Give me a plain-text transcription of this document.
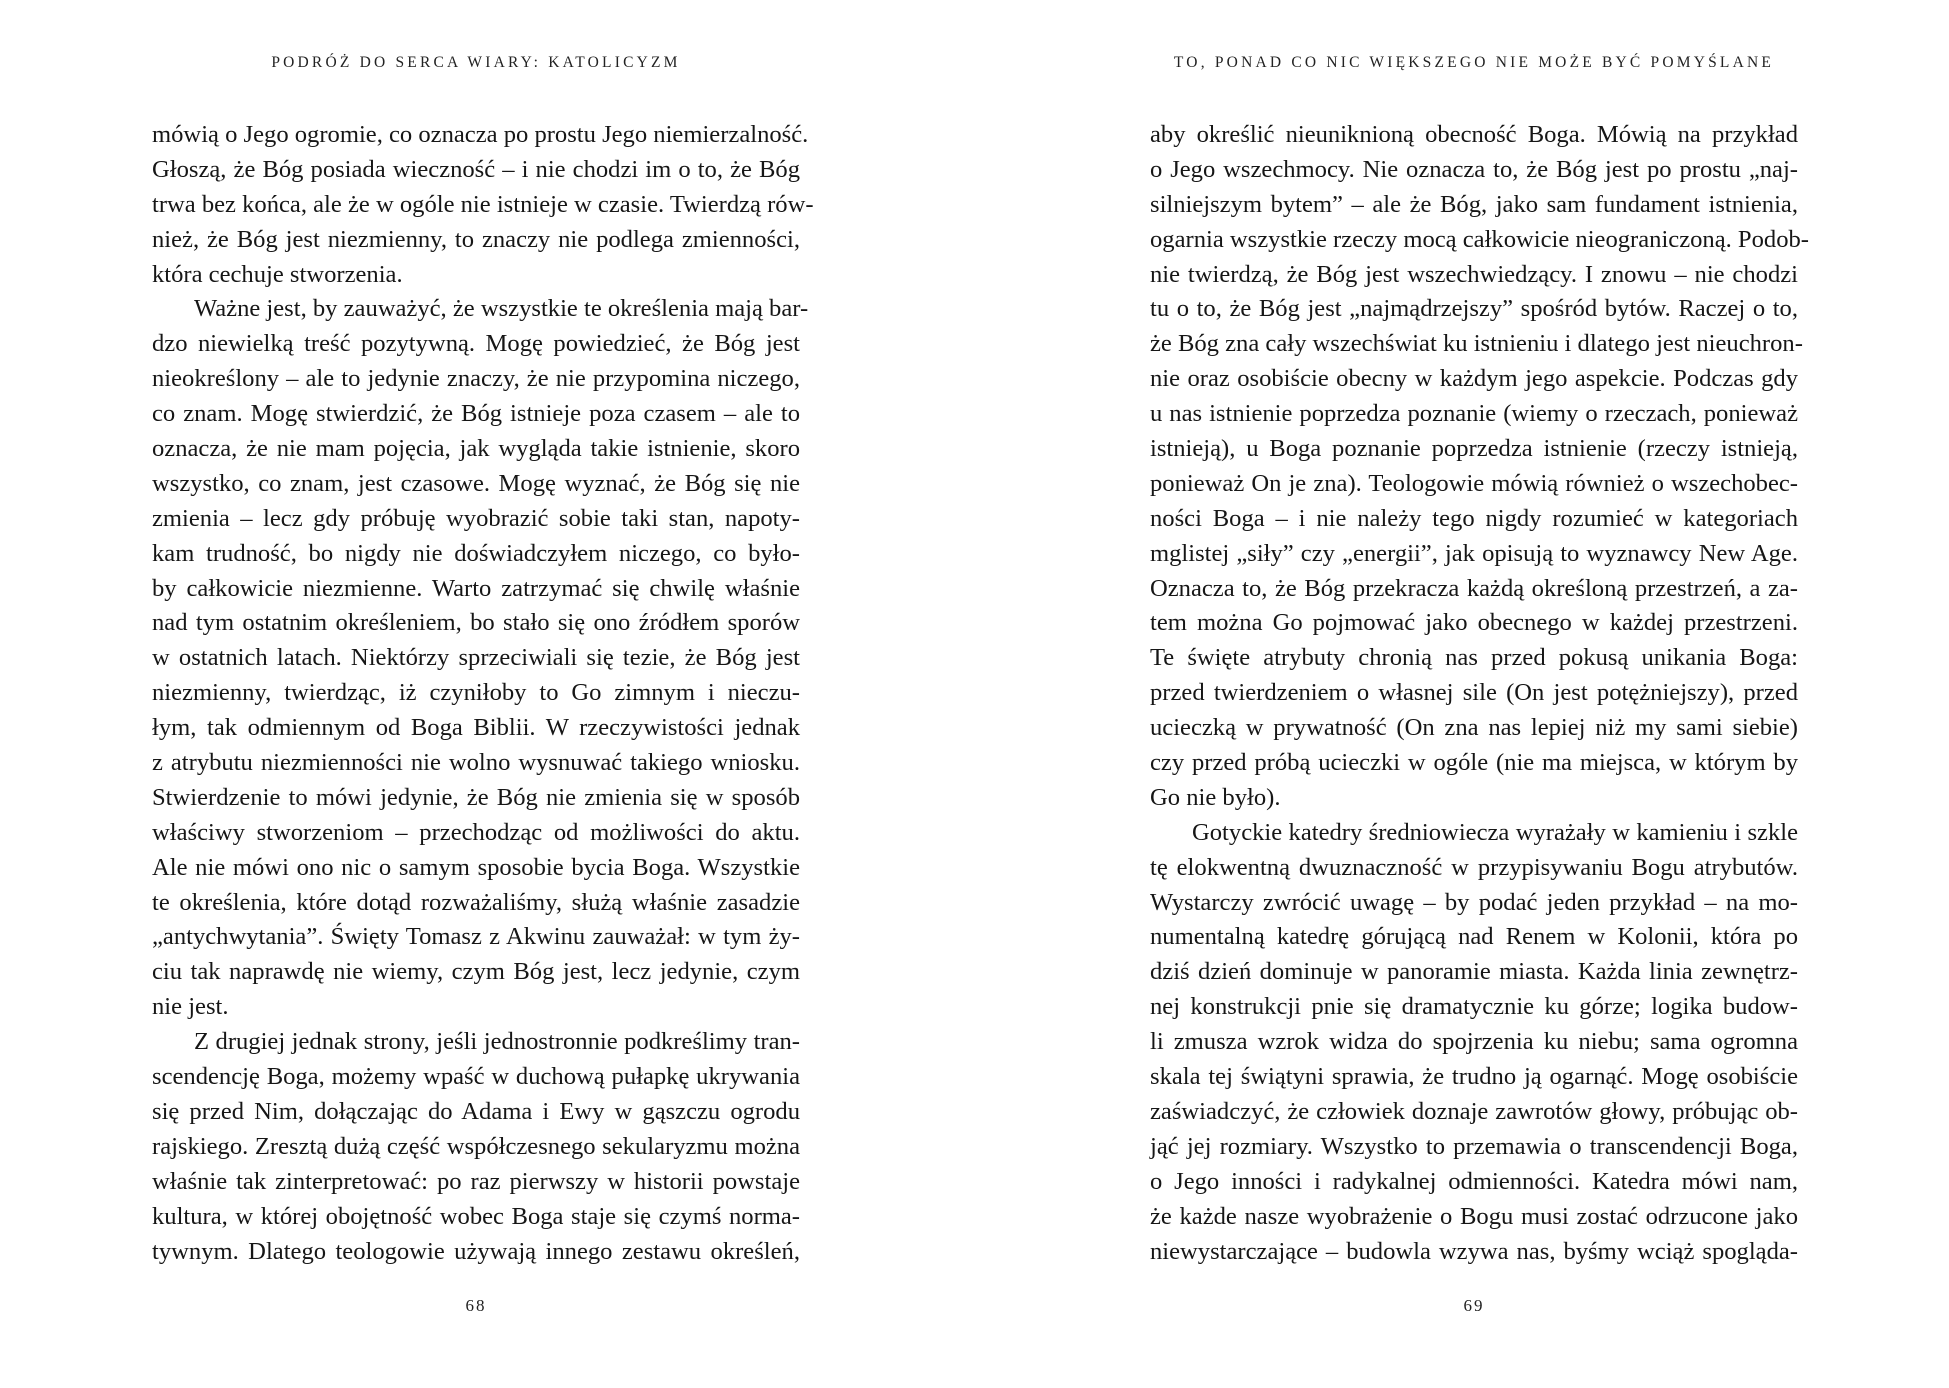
PODRÓŻ DO SERCA WIARY: KATOLICYZM
mówią o Jego ogromie, co oznacza po prostu Jego niemierzalność.
Głoszą, że Bóg posiada wieczność – i nie chodzi im o to, że Bóg
trwa bez końca, ale że w ogóle nie istnieje w czasie. Twierdzą rów-
nież, że Bóg jest niezmienny, to znaczy nie podlega zmienności,
która cechuje stworzenia.
Ważne jest, by zauważyć, że wszystkie te określenia mają bar-
dzo niewielką treść pozytywną. Mogę powiedzieć, że Bóg jest
nieokreślony – ale to jedynie znaczy, że nie przypomina niczego,
co znam. Mogę stwierdzić, że Bóg istnieje poza czasem – ale to
oznacza, że nie mam pojęcia, jak wygląda takie istnienie, skoro
wszystko, co znam, jest czasowe. Mogę wyznać, że Bóg się nie
zmienia – lecz gdy próbuję wyobrazić sobie taki stan, napoty-
kam trudność, bo nigdy nie doświadczyłem niczego, co było-
by całkowicie niezmienne. Warto zatrzymać się chwilę właśnie
nad tym ostatnim określeniem, bo stało się ono źródłem sporów
w ostatnich latach. Niektórzy sprzeciwiali się tezie, że Bóg jest
niezmienny, twierdząc, iż czyniłoby to Go zimnym i nieczu-
łym, tak odmiennym od Boga Biblii. W rzeczywistości jednak
z atrybutu niezmienności nie wolno wysnuwać takiego wniosku.
Stwierdzenie to mówi jedynie, że Bóg nie zmienia się w sposób
właściwy stworzeniom – przechodząc od możliwości do aktu.
Ale nie mówi ono nic o samym sposobie bycia Boga. Wszystkie
te określenia, które dotąd rozważaliśmy, służą właśnie zasadzie
„antychwytania”. Święty Tomasz z Akwinu zauważał: w tym ży-
ciu tak naprawdę nie wiemy, czym Bóg jest, lecz jedynie, czym
nie jest.
Z drugiej jednak strony, jeśli jednostronnie podkreślimy tran-
scendencję Boga, możemy wpaść w duchową pułapkę ukrywania
się przed Nim, dołączając do Adama i Ewy w gąszczu ogrodu
rajskiego. Zresztą dużą część współczesnego sekularyzmu można
właśnie tak zinterpretować: po raz pierwszy w historii powstaje
kultura, w której obojętność wobec Boga staje się czymś norma-
tywnym. Dlatego teologowie używają innego zestawu określeń,
68
TO, PONAD CO NIC WIĘKSZEGO NIE MOŻE BYĆ POMYŚLANE
aby określić nieuniknioną obecność Boga. Mówią na przykład
o Jego wszechmocy. Nie oznacza to, że Bóg jest po prostu „naj-
silniejszym bytem” – ale że Bóg, jako sam fundament istnienia,
ogarnia wszystkie rzeczy mocą całkowicie nieograniczoną. Podob-
nie twierdzą, że Bóg jest wszechwiedzący. I znowu – nie chodzi
tu o to, że Bóg jest „najmądrzejszy” spośród bytów. Raczej o to,
że Bóg zna cały wszechświat ku istnieniu i dlatego jest nieuchron-
nie oraz osobiście obecny w każdym jego aspekcie. Podczas gdy
u nas istnienie poprzedza poznanie (wiemy o rzeczach, ponieważ
istnieją), u Boga poznanie poprzedza istnienie (rzeczy istnieją,
ponieważ On je zna). Teologowie mówią również o wszechobec-
ności Boga – i nie należy tego nigdy rozumieć w kategoriach
mglistej „siły” czy „energii”, jak opisują to wyznawcy New Age.
Oznacza to, że Bóg przekracza każdą określoną przestrzeń, a za-
tem można Go pojmować jako obecnego w każdej przestrzeni.
Te święte atrybuty chronią nas przed pokusą unikania Boga:
przed twierdzeniem o własnej sile (On jest potężniejszy), przed
ucieczką w prywatność (On zna nas lepiej niż my sami siebie)
czy przed próbą ucieczki w ogóle (nie ma miejsca, w którym by
Go nie było).
Gotyckie katedry średniowiecza wyrażały w kamieniu i szkle
tę elokwentną dwuznaczność w przypisywaniu Bogu atrybutów.
Wystarczy zwrócić uwagę – by podać jeden przykład – na mo-
numentalną katedrę górującą nad Renem w Kolonii, która po
dziś dzień dominuje w panoramie miasta. Każda linia zewnętrz-
nej konstrukcji pnie się dramatycznie ku górze; logika budow-
li zmusza wzrok widza do spojrzenia ku niebu; sama ogromna
skala tej świątyni sprawia, że trudno ją ogarnąć. Mogę osobiście
zaświadczyć, że człowiek doznaje zawrotów głowy, próbując ob-
jąć jej rozmiary. Wszystko to przemawia o transcendencji Boga,
o Jego inności i radykalnej odmienności. Katedra mówi nam,
że każde nasze wyobrażenie o Bogu musi zostać odrzucone jako
niewystarczające – budowla wzywa nas, byśmy wciąż spogląda-
69
